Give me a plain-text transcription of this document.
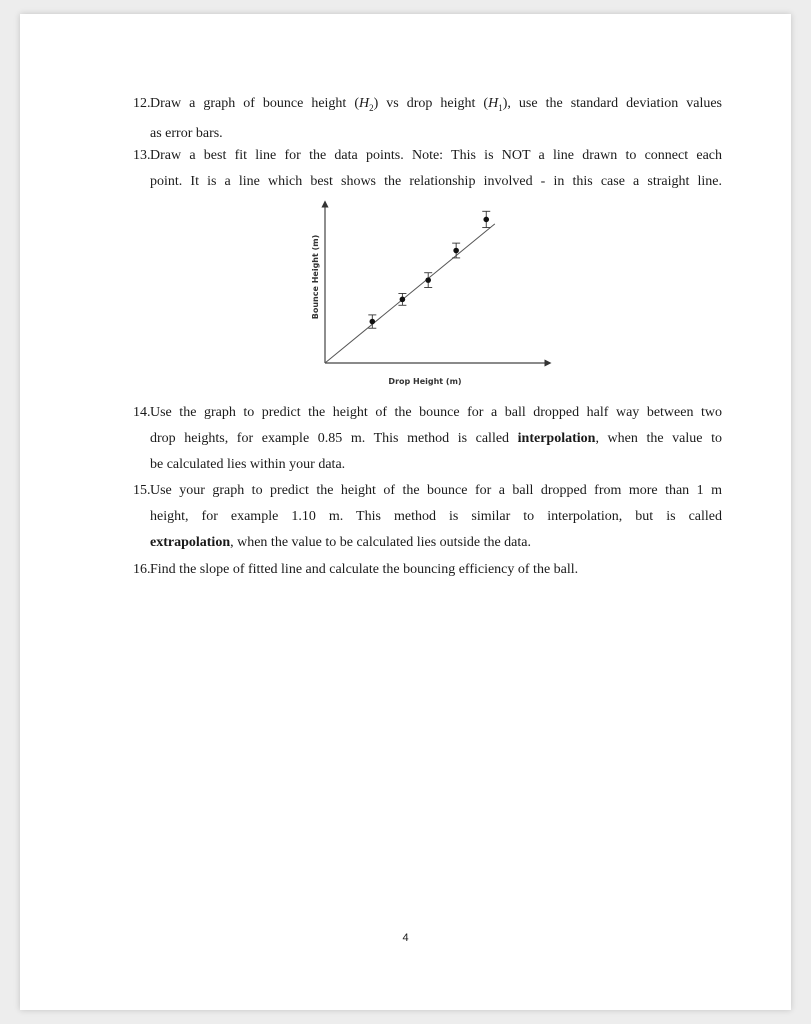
12. Draw a graph of bounce height $(H_2)$ vs drop height $(H_1)$, use the standard deviation values

as error bars.

13. Draw a best fit line for the data points. Note: This is NOT a line drawn to connect each

point. It is a line which best shows the relationship involved - in this case a straight line.

Drop Height (m)
Bounce Height (m)
14. Use the graph to predict the height of the bounce for a ball dropped half way between two

drop heights, for example 0.85 m. This method is called interpolation, when the value to

be calculated lies within your data.

15. Use your graph to predict the height of the bounce for a ball dropped from more than 1 m

height, for example 1.10 m. This method is similar to interpolation, but is called

extrapolation, when the value to be calculated lies outside the data.

16. Find the slope of fitted line and calculate the bouncing efficiency of the ball.

4
